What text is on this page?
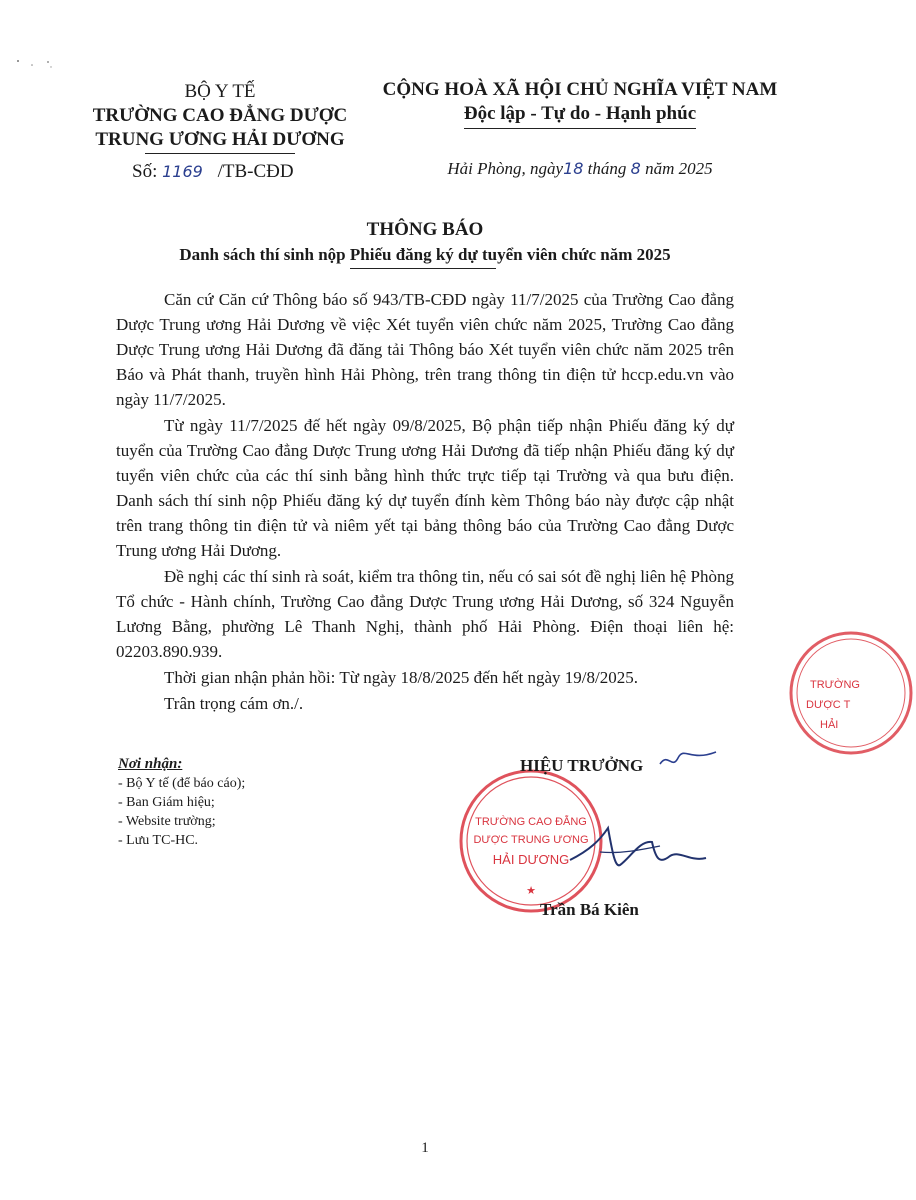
BỘ Y TẾ
TRƯỜNG CAO ĐẲNG DƯỢC
TRUNG ƯƠNG HẢI DƯƠNG
Số: 1169 /TB-CĐD
CỘNG HOÀ XÃ HỘI CHỦ NGHĨA VIỆT NAM
Độc lập - Tự do - Hạnh phúc
Hải Phòng, ngày18 tháng 8 năm 2025
THÔNG BÁO
Danh sách thí sinh nộp Phiếu đăng ký dự tuyển viên chức năm 2025

Căn cứ Căn cứ Thông báo số 943/TB-CĐD ngày 11/7/2025 của Trường Cao đẳng Dược Trung ương Hải Dương về việc Xét tuyển viên chức năm 2025, Trường Cao đẳng Dược Trung ương Hải Dương đã đăng tải Thông báo Xét tuyển viên chức năm 2025 trên Báo và Phát thanh, truyền hình Hải Phòng, trên trang thông tin điện tử hccp.edu.vn vào ngày 11/7/2025.

Từ ngày 11/7/2025 đế hết ngày 09/8/2025, Bộ phận tiếp nhận Phiếu đăng ký dự tuyển của Trường Cao đẳng Dược Trung ương Hải Dương đã tiếp nhận Phiếu đăng ký dự tuyển viên chức của các thí sinh bằng hình thức trực tiếp tại Trường và qua bưu điện. Danh sách thí sinh nộp Phiếu đăng ký dự tuyển đính kèm Thông báo này được cập nhật trên trang thông tin điện tử và niêm yết tại bảng thông báo của Trường Cao đẳng Dược Trung ương Hải Dương.

Đề nghị các thí sinh rà soát, kiểm tra thông tin, nếu có sai sót đề nghị liên hệ Phòng Tổ chức - Hành chính, Trường Cao đẳng Dược Trung ương Hải Dương, số 324 Nguyễn Lương Bằng, phường Lê Thanh Nghị, thành phố Hải Phòng. Điện thoại liên hệ: 02203.890.939.

Thời gian nhận phản hồi: Từ ngày 18/8/2025 đến hết ngày 19/8/2025.

Trân trọng cám ơn./.

Nơi nhận:
- Bộ Y tế (để báo cáo);
- Ban Giám hiệu;
- Website trường;
- Lưu TC-HC.
TRƯỜNG CAO ĐẲNG
DƯỢC TRUNG ƯƠNG
HẢI DƯƠNG
★
TRƯỜNG
DƯỢC T
HẢI
HIỆU TRƯỞNG
Trần Bá Kiên
1
